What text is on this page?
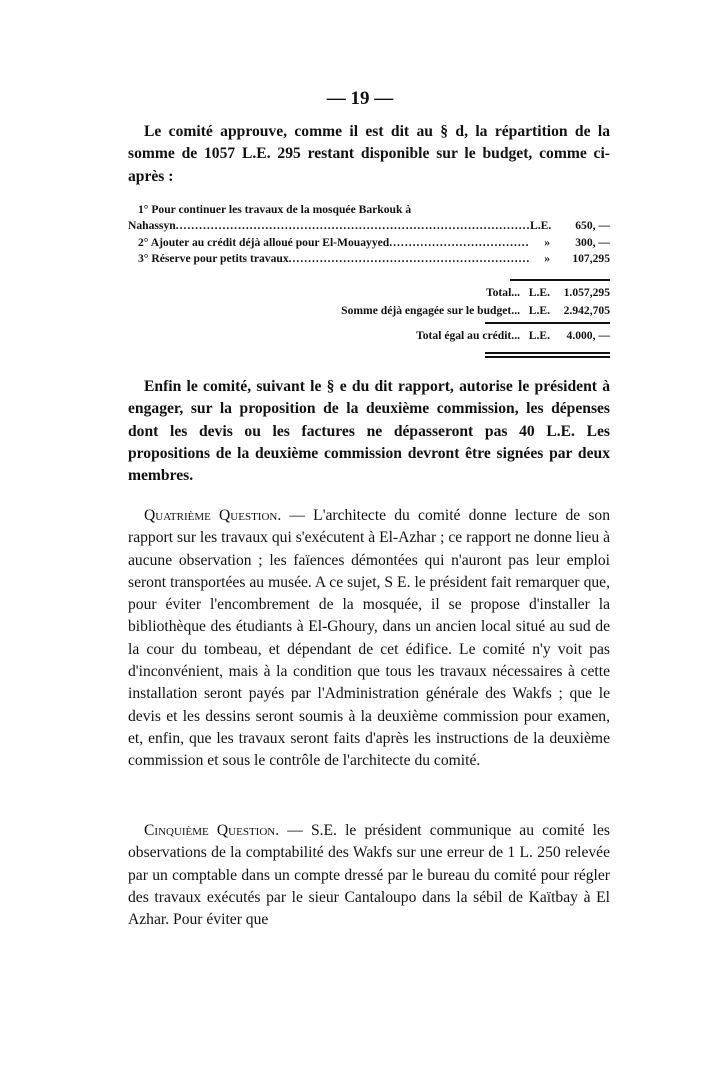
— 19 —

Le comité approuve, comme il est dit au § d, la répartition de la somme de 1057 L.E. 295 restant disponible sur le budget, comme ci-après :

1° Pour continuer les travaux de la mosquée Barkouk à
Nahassyn .....	L.E.	650, —
2° Ajouter au crédit déjà alloué pour El-Mouayyed .....	»	300, —
3° Réserve pour petits travaux .....	»	107,295
Total... L.E.	1.057,295
Somme déjà engagée sur le budget... L.E.	2.942,705
Total égal au crédit... L.E.	4.000, —

Enfin le comité, suivant le § e du dit rapport, autorise le président à engager, sur la proposition de la deuxième commission, les dépenses dont les devis ou les factures ne dépasseront pas 40 L.E. Les propositions de la deuxième commission devront être signées par deux membres.

Quatrième Question. — L'architecte du comité donne lecture de son rapport sur les travaux qui s'exécutent à El-Azhar ; ce rapport ne donne lieu à aucune observation ; les faïences démontées qui n'auront pas leur emploi seront transportées au musée. A ce sujet, S E. le président fait remarquer que, pour éviter l'encombrement de la mosquée, il se propose d'installer la bibliothèque des étudiants à El-Ghoury, dans un ancien local situé au sud de la cour du tombeau, et dépendant de cet édifice. Le comité n'y voit pas d'inconvénient, mais à la condition que tous les travaux nécessaires à cette installation seront payés par l'Administration générale des Wakfs ; que le devis et les dessins seront soumis à la deuxième commission pour examen, et, enfin, que les travaux seront faits d'après les instructions de la deuxième commission et sous le contrôle de l'architecte du comité.

Cinquième Question. — S.E. le président communique au comité les observations de la comptabilité des Wakfs sur une erreur de 1 L. 250 relevée par un comptable dans un compte dressé par le bureau du comité pour régler des travaux exécutés par le sieur Cantaloupo dans la sébil de Kaïtbay à El Azhar. Pour éviter que
